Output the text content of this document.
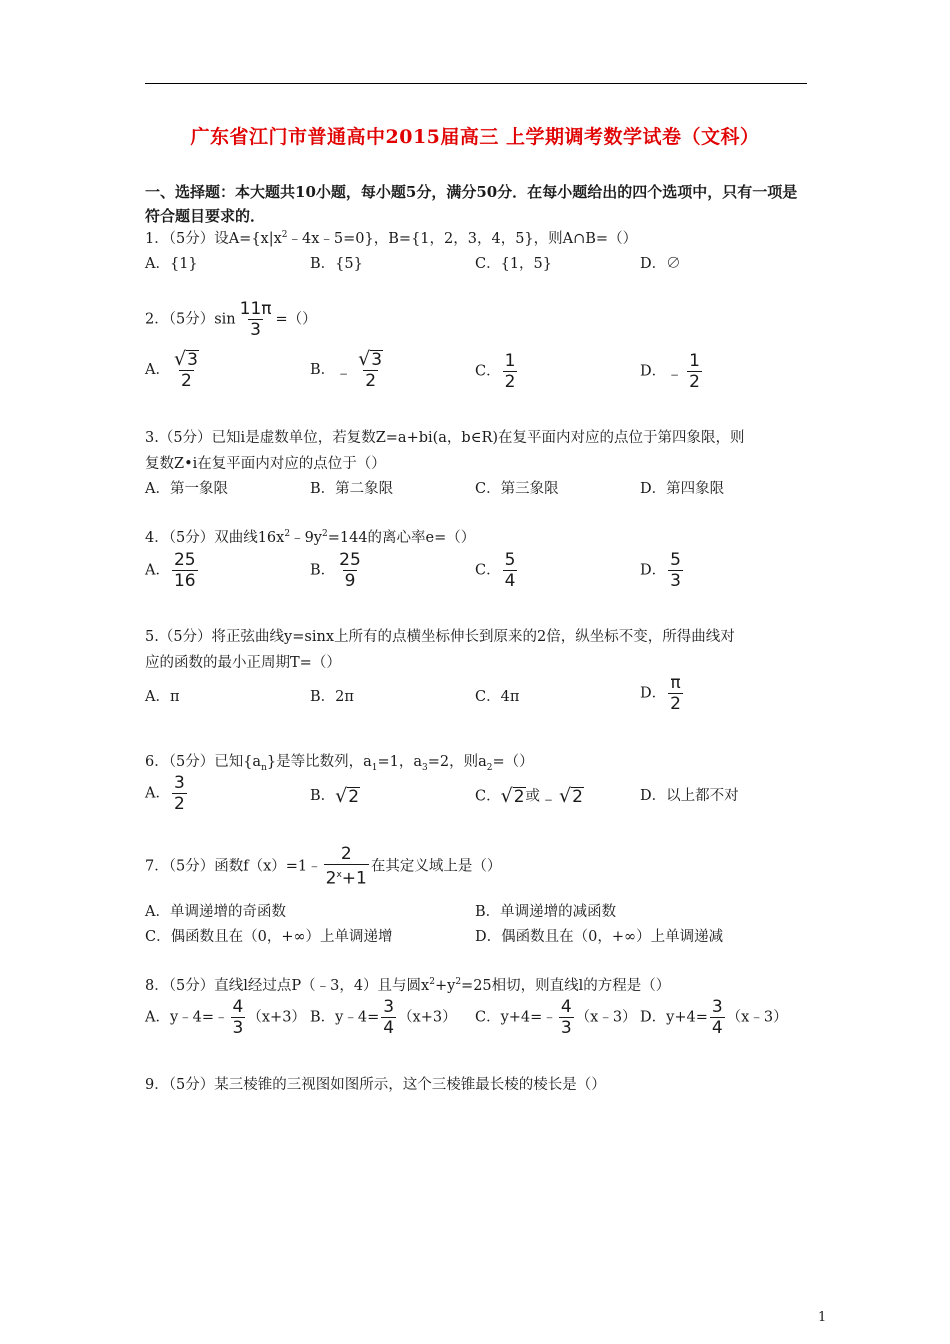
广东省江门市普通高中2015届高三 上学期调考数学试卷（文科）
一、选择题：本大题共10小题，每小题5分，满分50分．在每小题给出的四个选项中，只有一项是符合题目要求的．
1．（5分）设$A=\{x|x^2﹣4x﹣5=0\}$，B={1，2，3，4，5}，则A∩B=（）
A．{1}	B．{5}	C．{1，5}	D．∅
2．（5分）$\sin \frac{11\pi}{3}$ =（）
A． $\frac{√ 3}{2}$	B．﹣ $\frac{√ 3}{2}$	C． $\frac{1}{2}$	D．﹣ $\frac{1}{2}$
3.（5分）已知i是虚数单位，若复数Z=a+bi(a，b∈R)在复平面内对应的点位于第四象限，则
复数Z•i在复平面内对应的点位于（）
A．第一象限	B．第二象限	C．第三象限	D．第四象限
4．（5分）双曲线$16x^2﹣9y^2=144$的离心率e=（）
A． $\frac{25}{16}$	B． $\frac{25}{9}$	C． $\frac{5}{4}$	D． $\frac{5}{3}$
5.（5分）将正弦曲线y=sinx上所有的点横坐标伸长到原来的2倍，纵坐标不变，所得曲线对
应的函数的最小正周期T=（）
A．π	B．2π	C．4π	D． $\frac{\pi}{2}$
6．（5分）已知$\{a_n\}$是等比数列，$a_1=1$，$a_3=2$，则$a_2=()$
A． $\frac{3}{2}$	B． √ 2	C． √ 2 或﹣ √ 2	D．以上都不对
7．（5分）函数f（x）=1﹣ $\frac{2}{2^x+1}$ 在其定义域上是（）
A．单调递增的奇函数	B．单调递增的减函数
C．偶函数且在（0，+∞）上单调递增	D．偶函数且在（0，+∞）上单调递减
8．（5分）直线l经过点P（﹣3，4）且与圆$x^2+y^2=25$相切，则直线l的方程是（）
A．y﹣4=﹣ $\frac{4}{3} (x+3)$ B．y﹣4= $\frac{3}{4} (x+3)$ C．y+4=﹣ $\frac{4}{3}$ （x﹣3） D．$y+4= \frac{3}{4}$ （x﹣3）
9．（5分）某三棱锥的三视图如图所示，这个三棱锥最长棱的棱长是（）
1
